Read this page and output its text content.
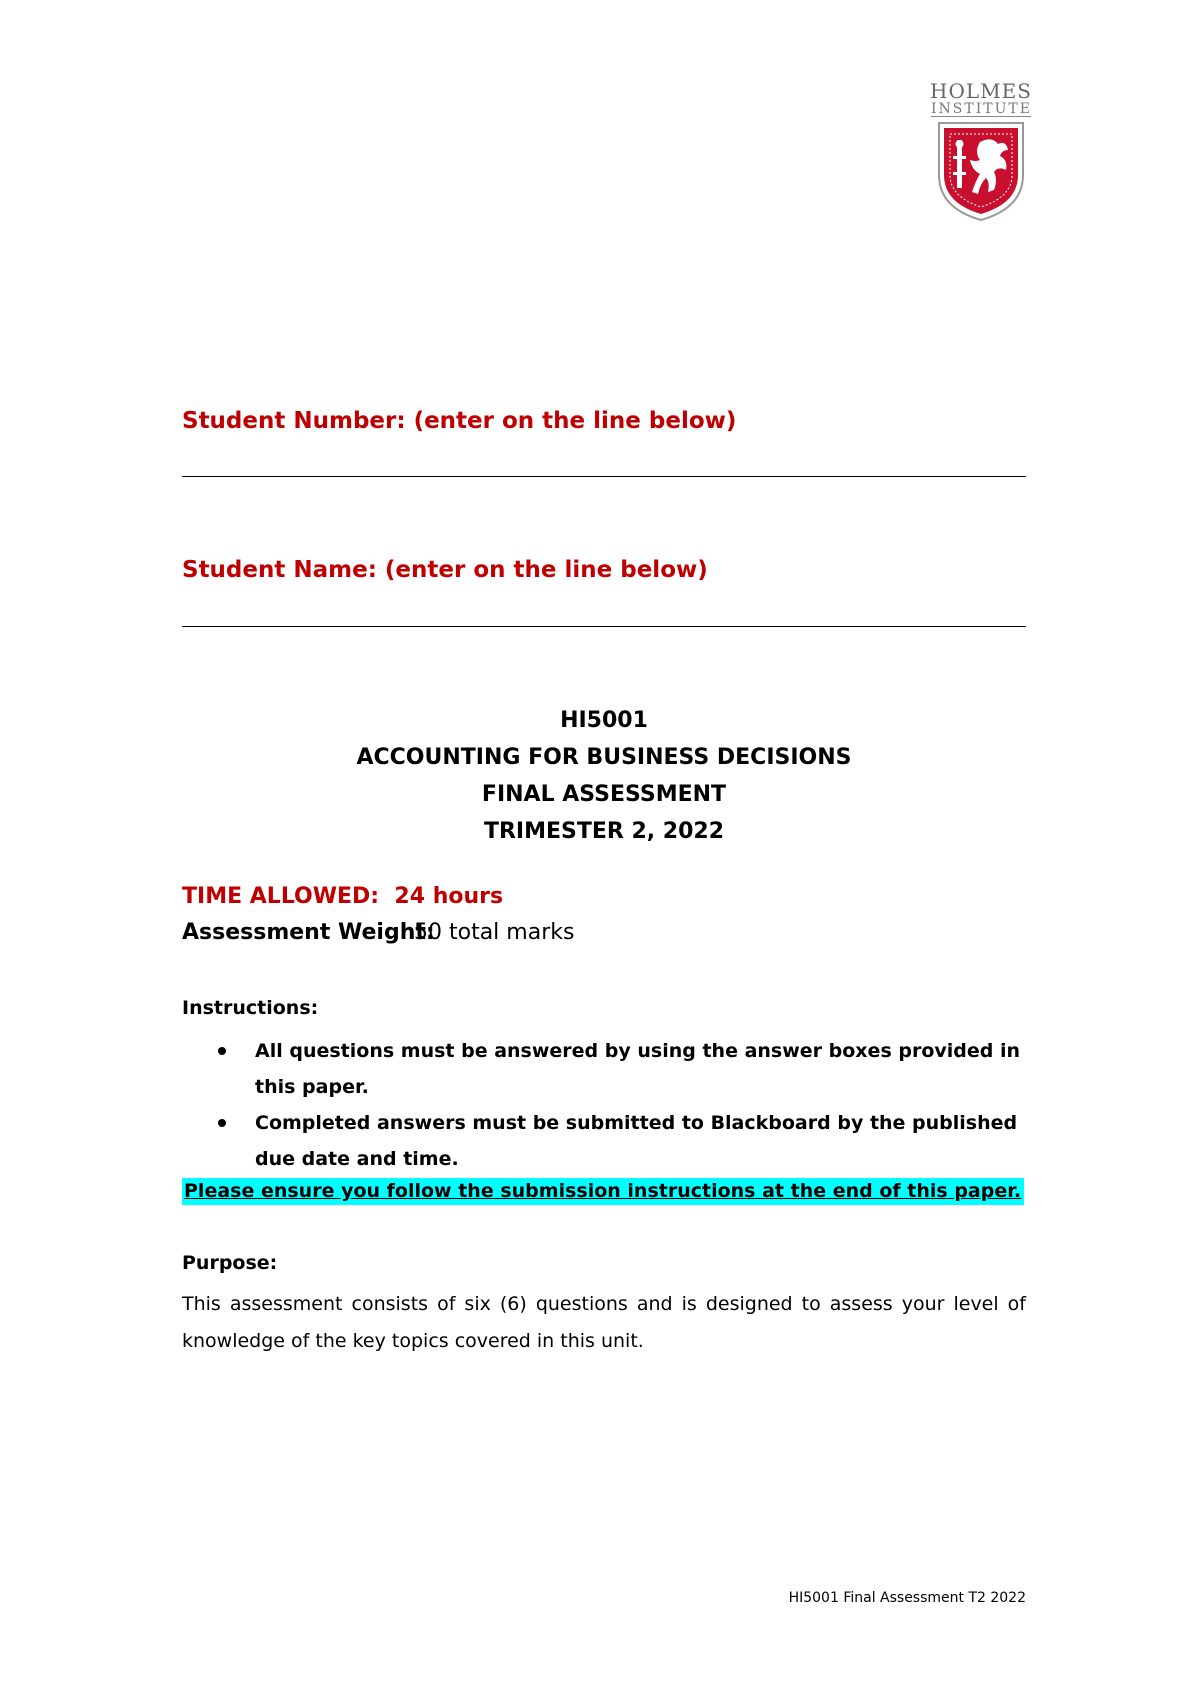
HOLMES
INSTITUTE
Student Number: (enter on the line below)
Student Name: (enter on the line below)
HI5001
ACCOUNTING FOR BUSINESS DECISIONS
FINAL ASSESSMENT
TRIMESTER 2, 2022
TIME ALLOWED:  24 hours
Assessment Weight:
50 total marks
Instructions:
All questions must be answered by using the answer boxes provided in this paper.
Completed answers must be submitted to Blackboard by the published due date and time.
Please ensure you follow the submission instructions at the end of this paper.
Purpose:
This assessment consists of six (6) questions and is designed to assess your level of knowledge of the key topics covered in this unit.
HI5001 Final Assessment T2 2022
